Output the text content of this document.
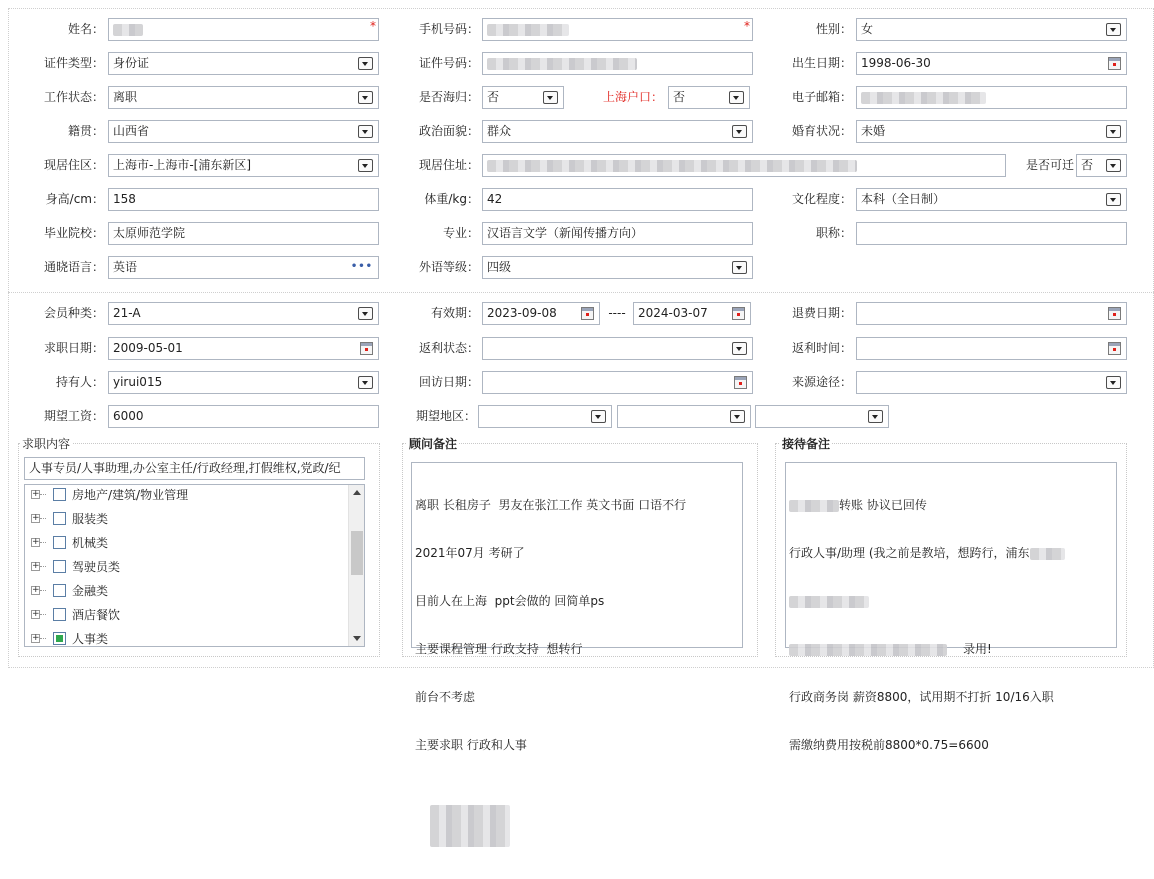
姓名：	*	手机号码：	*	性别： 女
证件类型： 身份证	证件号码：	出生日期： 1998-06-30
工作状态： 离职	是否海归： 否	上海户口： 否	电子邮箱：
籍贯： 山西省	政治面貌： 群众	婚育状况： 未婚
现居住区： 上海市-上海市-[浦东新区]	现居住址：	是否可迁 否
身高/cm： 158	体重/kg： 42	文化程度： 本科（全日制）
毕业院校： 太原师范学院	专业： 汉语言文学（新闻传播方向）	职称：
通晓语言： 英语	•••	外语等级： 四级
会员种类： 21-A	有效期： 2023-09-08	----	2024-03-07	退费日期：
求职日期： 2009-05-01	返利状态：	返利时间：
持有人： yirui015	回访日期：	来源途径：
期望工资： 6000	期望地区：
求职内容
人事专员/人事助理,办公室主任/行政经理,打假维权,党政/纪
+	房地产/建筑/物业管理
+	服装类
+	机械类
+	驾驶员类
+	金融类
+	酒店餐饮
+	人事类
顾问备注

离职 长租房子  男友在张江工作 英文书面 口语不行

2021年07月 考研了

目前人在上海  ppt会做的 回简单ps

主要课程管理 行政支持  想转行

前台不考虑

主要求职 行政和人事

接待备注

转账 协议已回传

行政人事/助理 (我之前是教培，想跨行，浦东

录用!

行政商务岗 薪资8800，试用期不打折 10/16入职

需缴纳费用按税前8800*0.75=6600
